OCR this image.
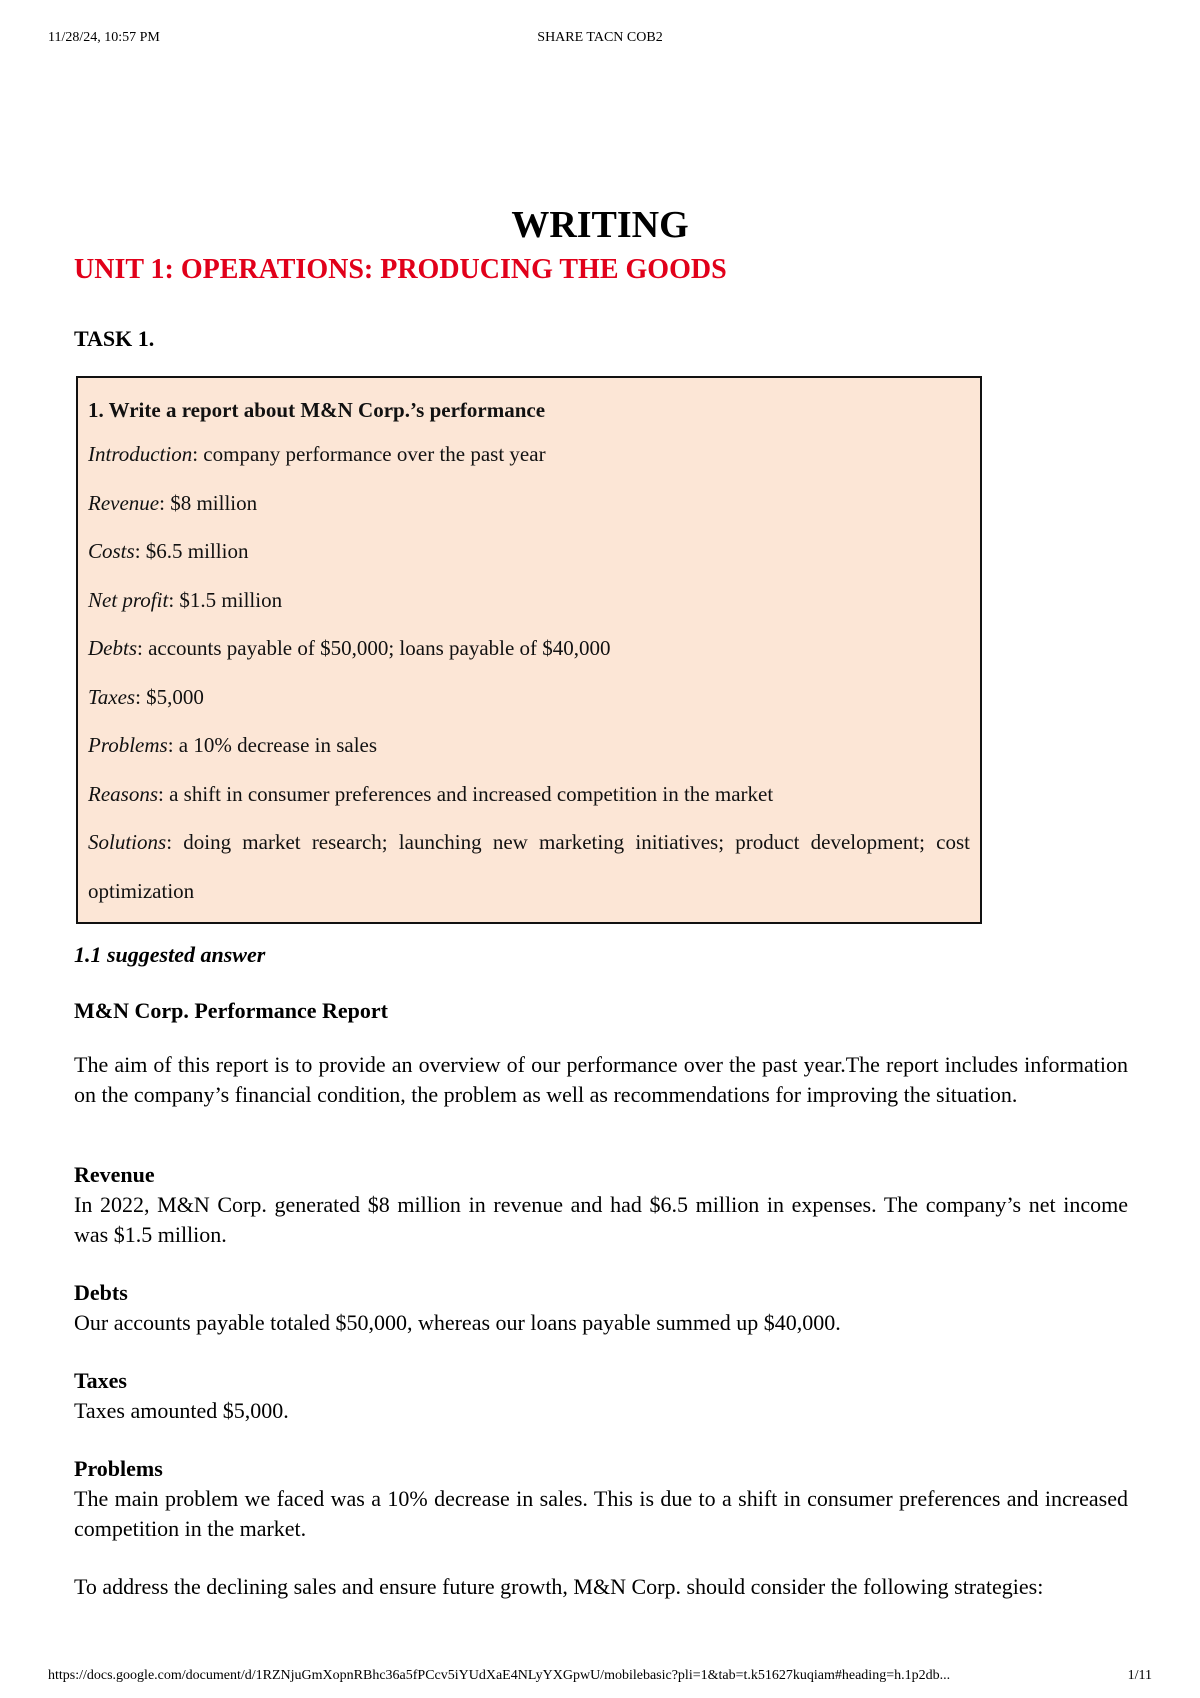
11/28/24, 10:57 PM	SHARE TACN COB2
WRITING
UNIT 1: OPERATIONS: PRODUCING THE GOODS
TASK 1.
1. Write a report about M&N Corp.’s performance
Introduction: company performance over the past year
Revenue: $8 million
Costs: $6.5 million
Net profit: $1.5 million
Debts: accounts payable of $50,000; loans payable of $40,000
Taxes: $5,000
Problems: a 10% decrease in sales
Reasons: a shift in consumer preferences and increased competition in the market
Solutions: doing market research; launching new marketing initiatives; product development; cost optimization
1.1 suggested answer
M&N Corp. Performance Report

The aim of this report is to provide an overview of our performance over the past year.The report includes information on the company’s financial condition, the problem as well as recommendations for improving the situation.

Revenue

In 2022, M&N Corp. generated $8 million in revenue and had $6.5 million in expenses. The company’s net income was $1.5 million.

Debts

Our accounts payable totaled $50,000, whereas our loans payable summed up $40,000.

Taxes

Taxes amounted $5,000.

Problems

The main problem we faced was a 10% decrease in sales. This is due to a shift in consumer preferences and increased competition in the market.

To address the declining sales and ensure future growth, M&N Corp. should consider the following strategies:

https://docs.google.com/document/d/1RZNjuGmXopnRBhc36a5fPCcv5iYUdXaE4NLyYXGpwU/mobilebasic?pli=1&tab=t.k51627kuqiam#heading=h.1p2db...	1/11
